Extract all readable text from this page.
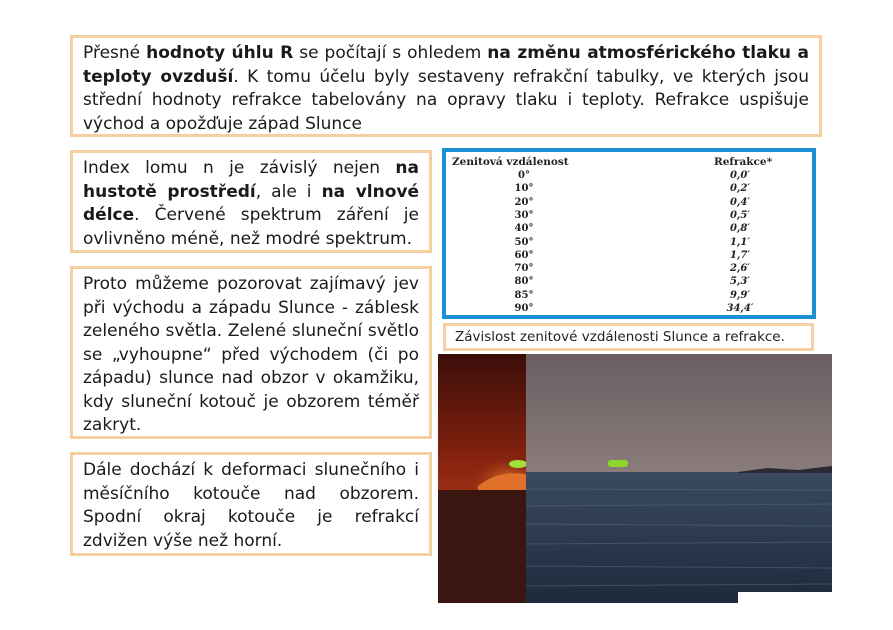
Přesné hodnoty úhlu R se počítají s ohledem na změnu atmosférického tlaku a teploty ovzduší. K tomu účelu byly sestaveny refrakční tabulky, ve kterých jsou střední hodnoty refrakce tabelovány na opravy tlaku i teploty. Refrakce uspišuje východ a opožďuje západ Slunce
Index lomu n je závislý nejen na hustotě prostředí, ale i na vlnové délce. Červené spektrum záření je ovlivněno méně, než modré spektrum.
Proto můžeme pozorovat zajímavý jev při východu a západu Slunce - záblesk zeleného světla. Zelené sluneční světlo se „vyhoupne“ před východem (či po západu) slunce nad obzor v okamžiku, kdy sluneční kotouč je obzorem téměř zakryt.
Dále dochází k deformaci slunečního i měsíčního kotouče nad obzorem. Spodní okraj kotouče je refrakcí zdvižen výše než horní.
Zenitová vzdálenost	Refrakce*
0°	0,0′
10°	0,2′
20°	0,4′
30°	0,5′
40°	0,8′
50°	1,1′
60°	1,7′
70°	2,6′
80°	5,3′
85°	9,9′
90°	34,4′
Závislost zenitové vzdálenosti Slunce a refrakce.
